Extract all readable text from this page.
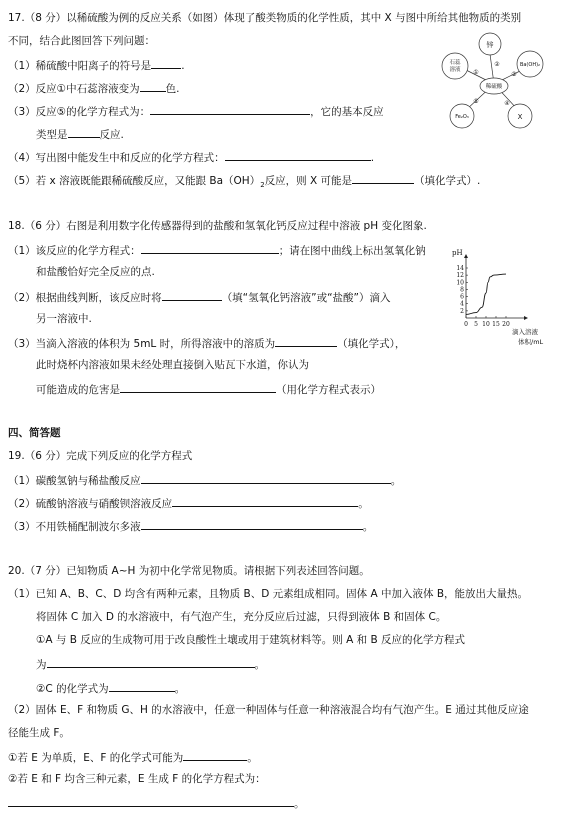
17.（8 分）以稀硫酸为例的反应关系（如图）体现了酸类物质的化学性质，其中 X 与图中所给其他物质的类别
不同，结合此图回答下列问题：
（1）稀硫酸中阳离子的符号是	.
（2）反应①中石蕊溶液变为 色.
（3）反应⑤的化学方程式为：	，它的基本反应
类型是	反应.
（4）写出图中能发生中和反应的化学方程式：	.
（5）若 x 溶液既能跟稀硫酸反应，又能跟 $Ba(OH)_2$反应，则 X 可能是	（填化学式）.
锌
石蕊
溶液
Ba(OH)₂
Fe₂O₃	X
稀硫酸
①
②
③
④
⑤
18.（6 分）右图是利用数字化传感器得到的盐酸和氢氧化钙反应过程中溶液 pH 变化图象.
（1）该反应的化学方程式：	；请在图中曲线上标出氢氧化钠
和盐酸恰好完全反应的点.
（2）根据曲线判断，该反应时将	（填“氢氧化钙溶液”或“盐酸”）滴入
另一溶液中.
（3）当滴入溶液的体积为 5mL 时，所得溶液中的溶质为	（填化学式），
此时烧杯内溶液如果未经处理直接倒入贴瓦下水道，你认为
可能造成的危害是	（用化学方程式表示）
14
12
10
8
6
4
2
0 5 10 15 20
pH
滴入溶液
体积/mL
四、简答题
19.（6 分）完成下列反应的化学方程式
（1）碳酸氢钠与稀盐酸反应	。
（2）硫酸钠溶液与硝酸钡溶液反应	。
（3）不用铁桶配制波尔多液	。
20.（7 分）已知物质 A~H 为初中化学常见物质。请根据下列表述回答问题。
（1）已知 A、B、C、D 均含有两种元素，且物质 B、D 元素组成相同。固体 A 中加入液体 B，能放出大量热。
将固体 C 加入 D 的水溶液中，有气泡产生，充分反应后过滤，只得到液体 B 和固体 C。
①A 与 B 反应的生成物可用于改良酸性土壤或用于建筑材料等。则 A 和 B 反应的化学方程式
为	。
②C 的化学式为	。
（2）固体 E、F 和物质 G、H 的水溶液中，任意一种固体与任意一种溶液混合均有气泡产生。E 通过其他反应途
径能生成 F。
①若 E 为单质，E、F 的化学式可能为	。
②若 E 和 F 均含三种元素，E 生成 F 的化学方程式为：
。
